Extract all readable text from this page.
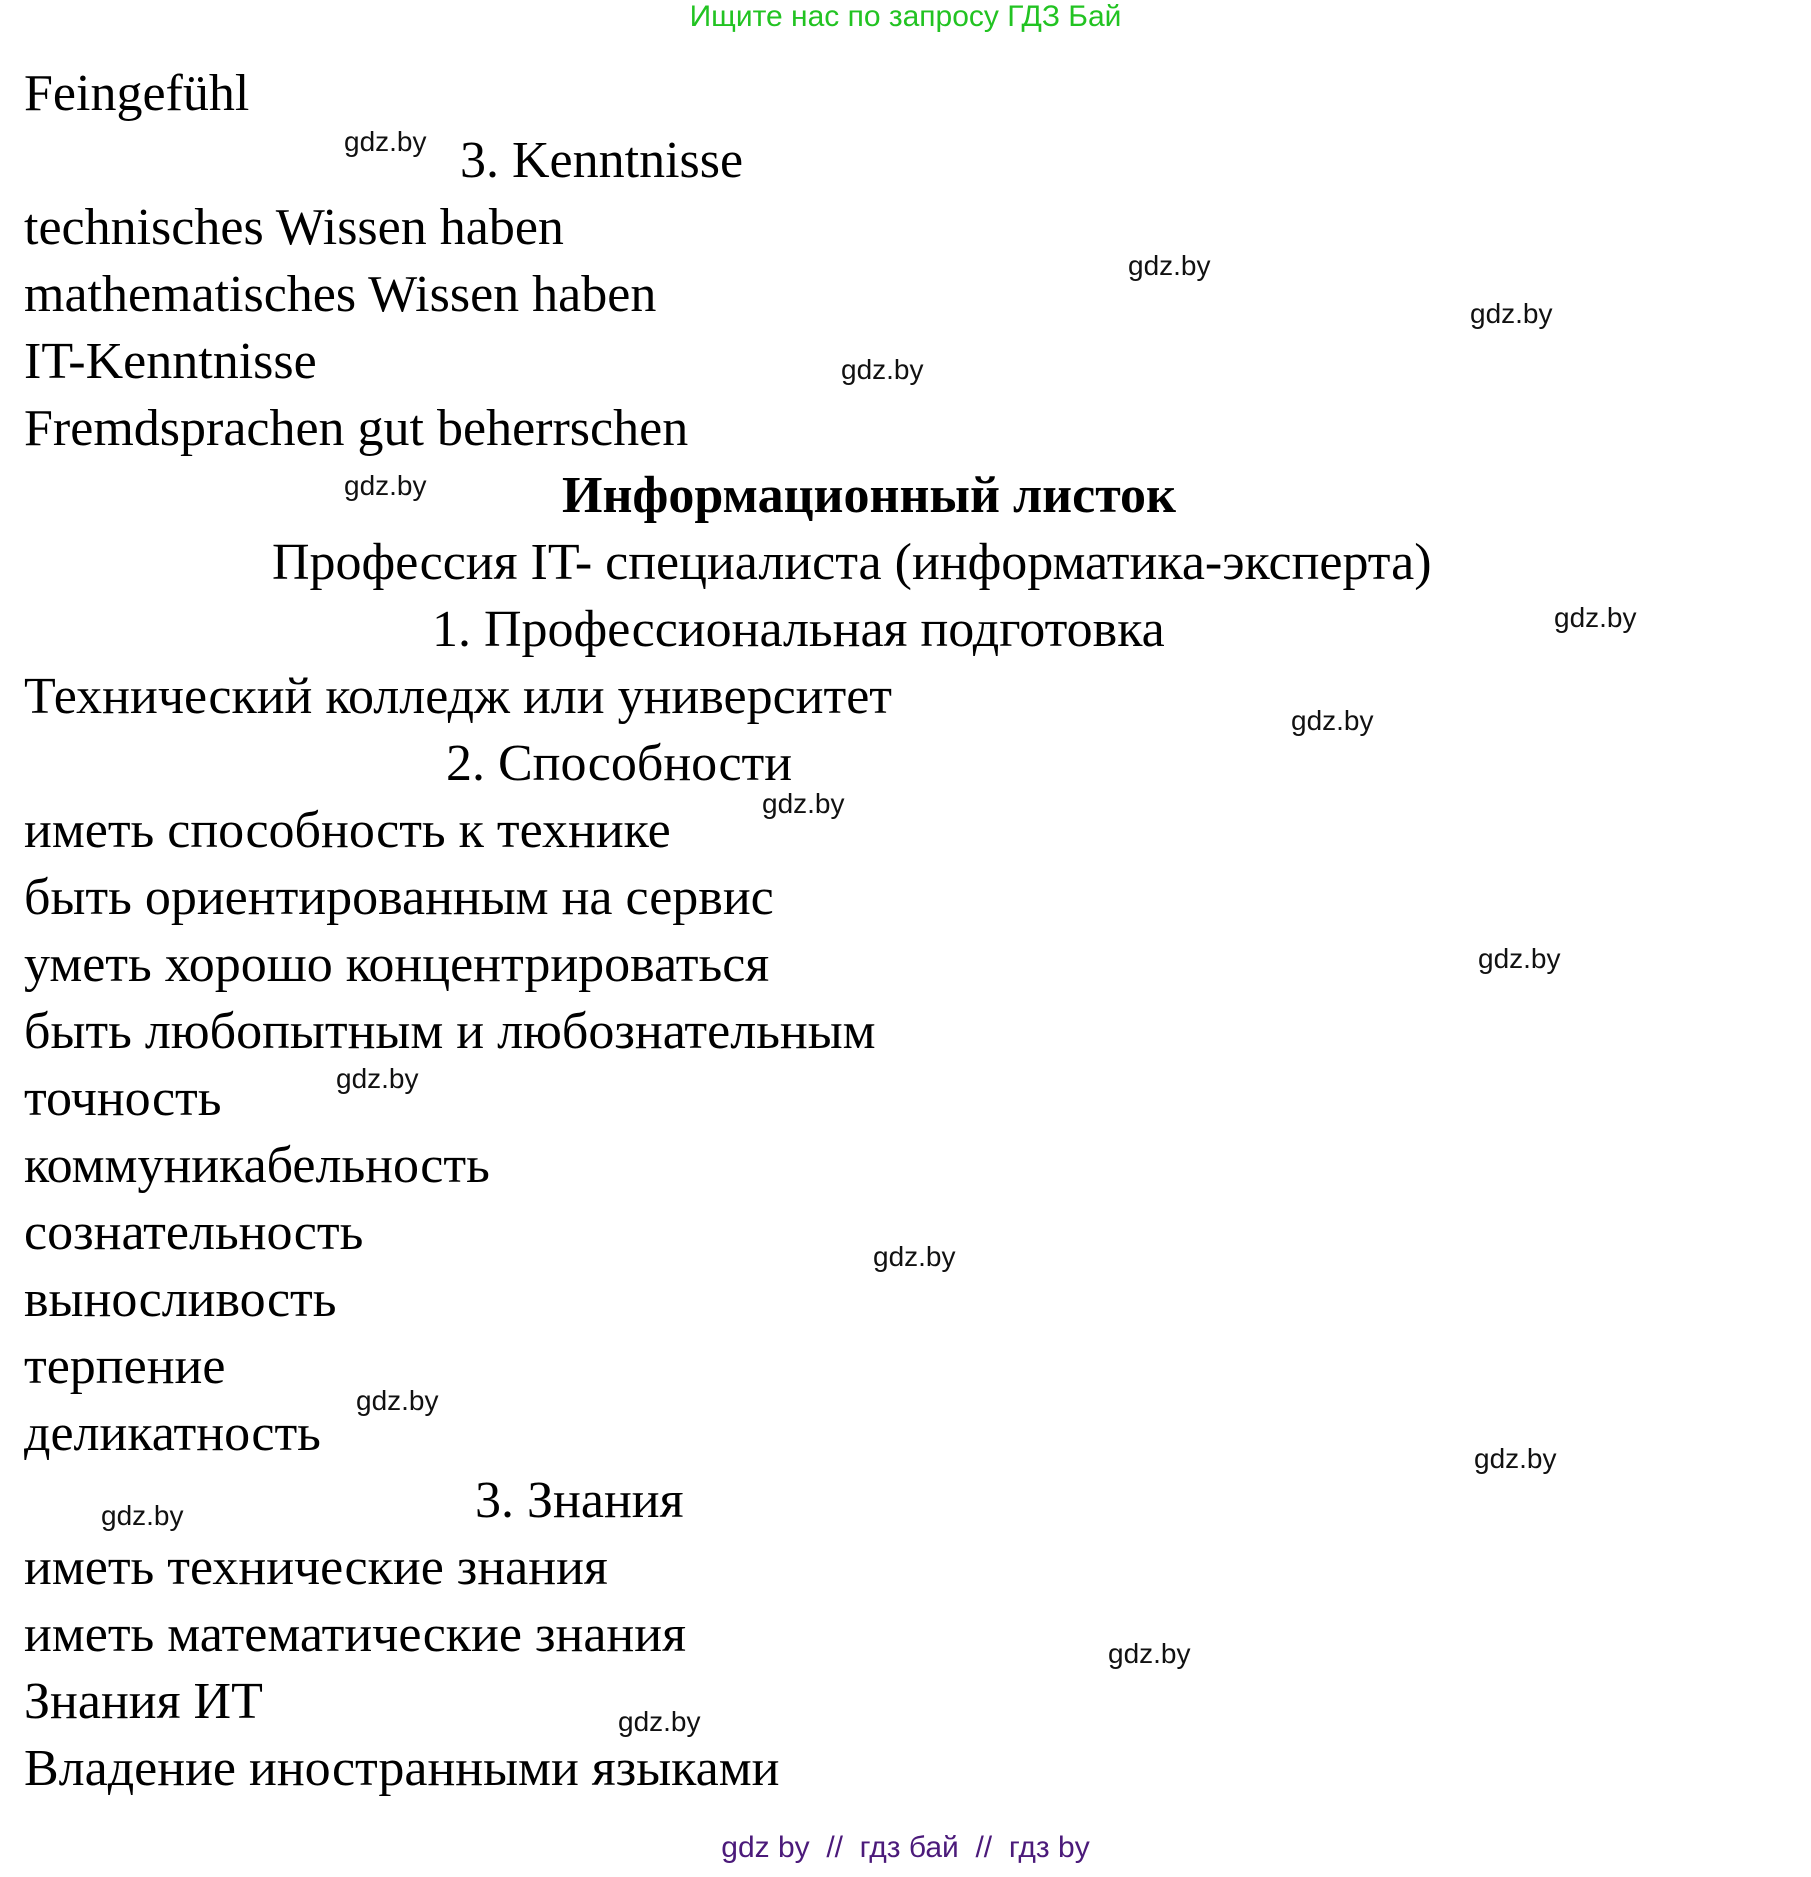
Ищите нас по запросу ГДЗ Бай
Feingefühl
3. Kenntnisse
technisches Wissen haben
mathematisches Wissen haben
IT-Kenntnisse
Fremdsprachen gut beherrschen
Информационный листок
Профессия IT- специалиста (информатика-эксперта)
1. Профессиональная подготовка
Технический колледж или университет
2. Способности
иметь способность к технике
быть ориентированным на сервис
уметь хорошо концентрироваться
быть любопытным и любознательным
точность
коммуникабельность
сознательность
выносливость
терпение
деликатность
3. Знания
иметь технические знания
иметь математические знания
Знания ИТ
Владение иностранными языками
gdz.by
gdz.by
gdz.by
gdz.by
gdz.by
gdz.by
gdz.by
gdz.by
gdz.by
gdz.by
gdz.by
gdz.by
gdz.by
gdz.by
gdz.by
gdz.by
gdz by  //  гдз бай  //  гдз by
